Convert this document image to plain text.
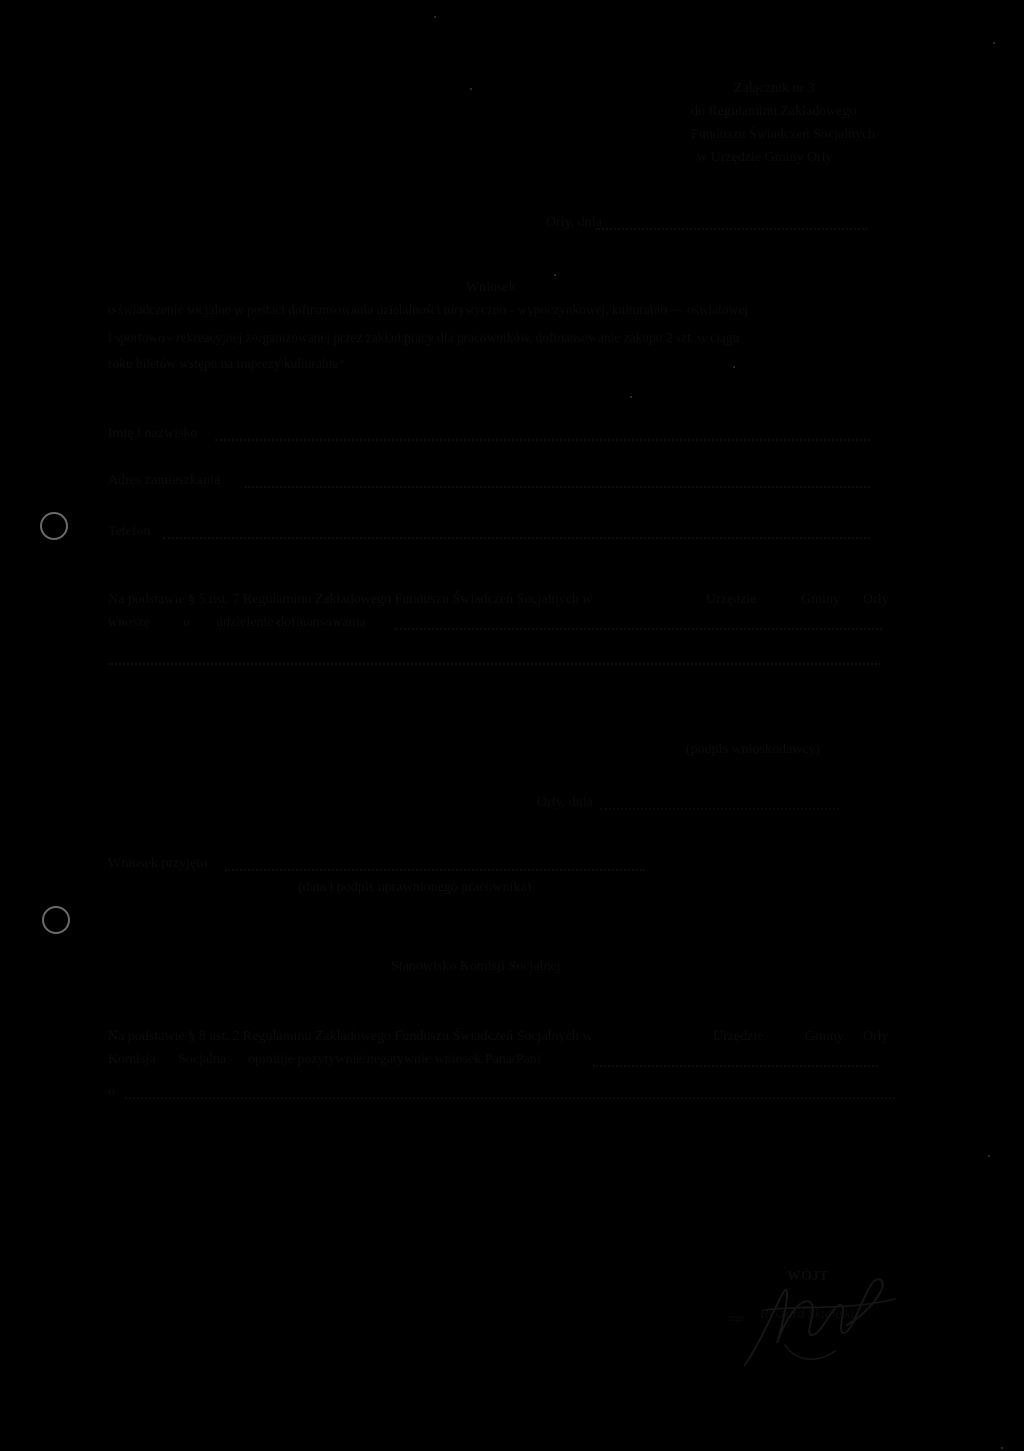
Załącznik nr 3
do Regulaminu Zakładowego
Funduszu Świadczeń Socjalnych
w Urzędzie Gminy Orły
Orły, dnia
Wniosek
o świadczenie socjalne w postaci dofinansowania działalności turystyczno - wypoczynkowej, kulturalno — oświatowej
i sportowo - rekreacyjnej zorganizowanej przez zakład pracy dla pracowników, dofinansowanie zakupu 2 szt. w ciągu
roku biletów wstępu na imprezy kulturalne*
Imię i nazwisko
Adres zamieszkania
Telefon
Na podstawie § 5 ust. 7 Regulaminu Zakładowego Funduszu Świadczeń Socjalnych w	Urzędzie	Gminy Orły
wnoszę o udzielenie dofinansowania
(podpis wnioskodawcy)
Orły, dnia
Wniosek przyjęto
(data i podpis uprawnionego pracownika)
Stanowisko Komisji Socjalnej
Na podstawie § 8 ust. 2 Regulaminu Zakładowego Funduszu Świadczeń Socjalnych w	Urzędzie	Gminy Orły
Komisja Socjalna opiniuje pozytywnie/negatywnie wniosek Pana/Pani
o
WÓJT
mgr Ryszard Skubiski
